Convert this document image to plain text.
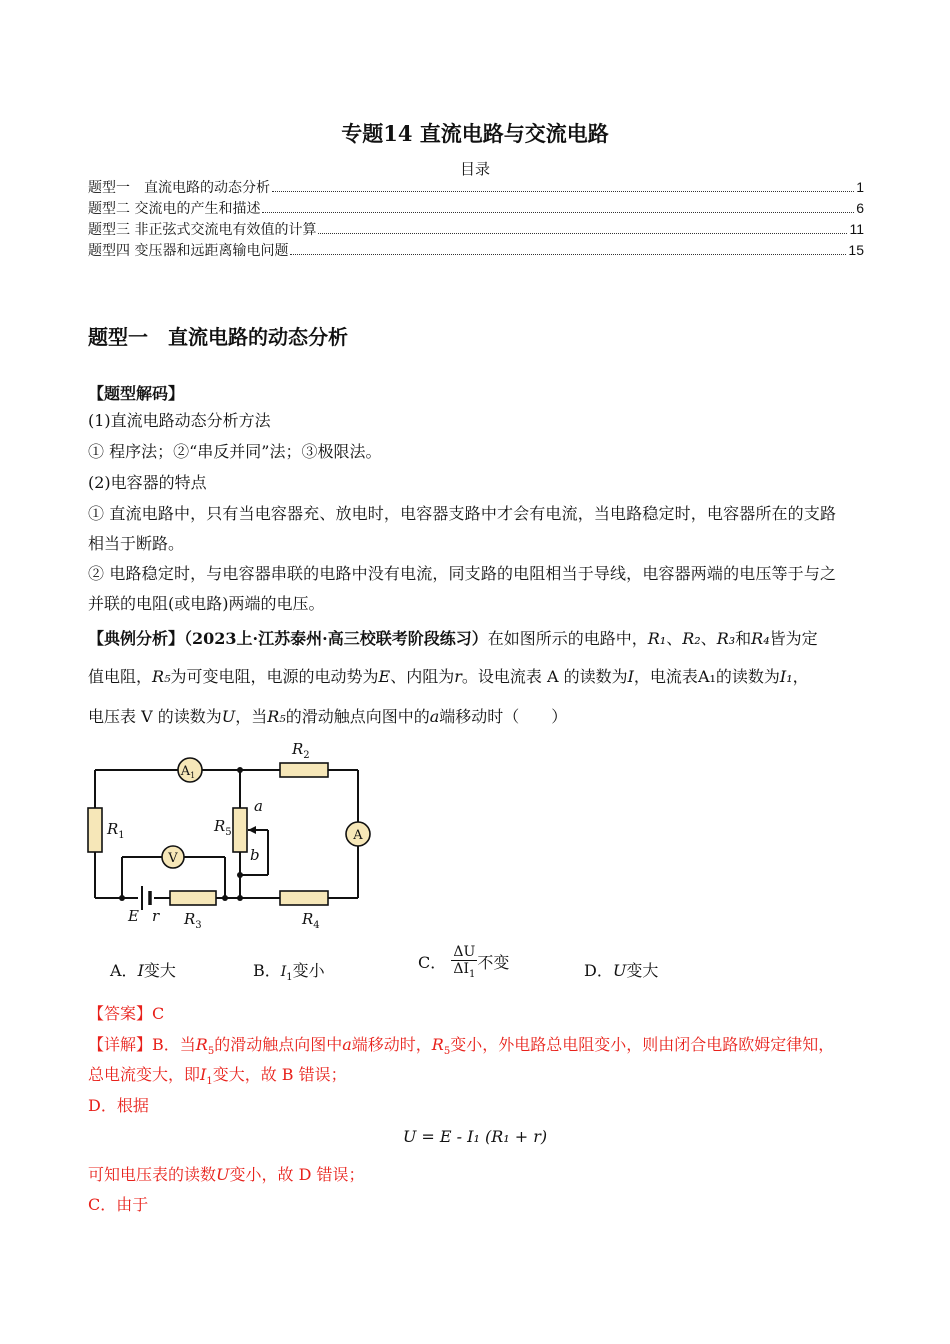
专题14 直流电路与交流电路
目录
题型一　直流电路的动态分析	1
题型二 交流电的产生和描述	6
题型三 非正弦式交流电有效值的计算	11
题型四 变压器和远距离输电问题	15
题型一　直流电路的动态分析
【题型解码】
(1)直流电路动态分析方法
① 程序法；②“串反并同”法；③极限法。
(2)电容器的特点
① 直流电路中，只有当电容器充、放电时，电容器支路中才会有电流，当电路稳定时，电容器所在的支路
相当于断路。
② 电路稳定时，与电容器串联的电路中没有电流，同支路的电阻相当于导线，电容器两端的电压等于与之
并联的电阻(或电路)两端的电压。
【典例分析】（2023上·江苏泰州·高三校联考阶段练习）在如图所示的电路中，R₁、R₂、R₃和R₄皆为定
值电阻，R₅为可变电阻，电源的电动势为E、内阻为r。设电流表 A 的读数为I，电流表A₁的读数为I₁，
电压表 V 的读数为U，当R₅的滑动触点向图中的a端移动时（　　）
$R_2$
$R_1$
$R_5$
a
b
E r $R_3$	$R_4$
$A_1$
A
V
A．I变大	B．$I_1$变小	C． $\frac{\Delta U}{\Delta I_1}$ 不变	D．U变大
【答案】C
【详解】B．当$R_5$的滑动触点向图中a端移动时，$R_5$变小，外电路总电阻变小，则由闭合电路欧姆定律知，
总电流变大，即$I_1$变大，故 B 错误；
D．根据
U = E - I₁ (R₁ + r)
可知电压表的读数U变小，故 D 错误；
C．由于
